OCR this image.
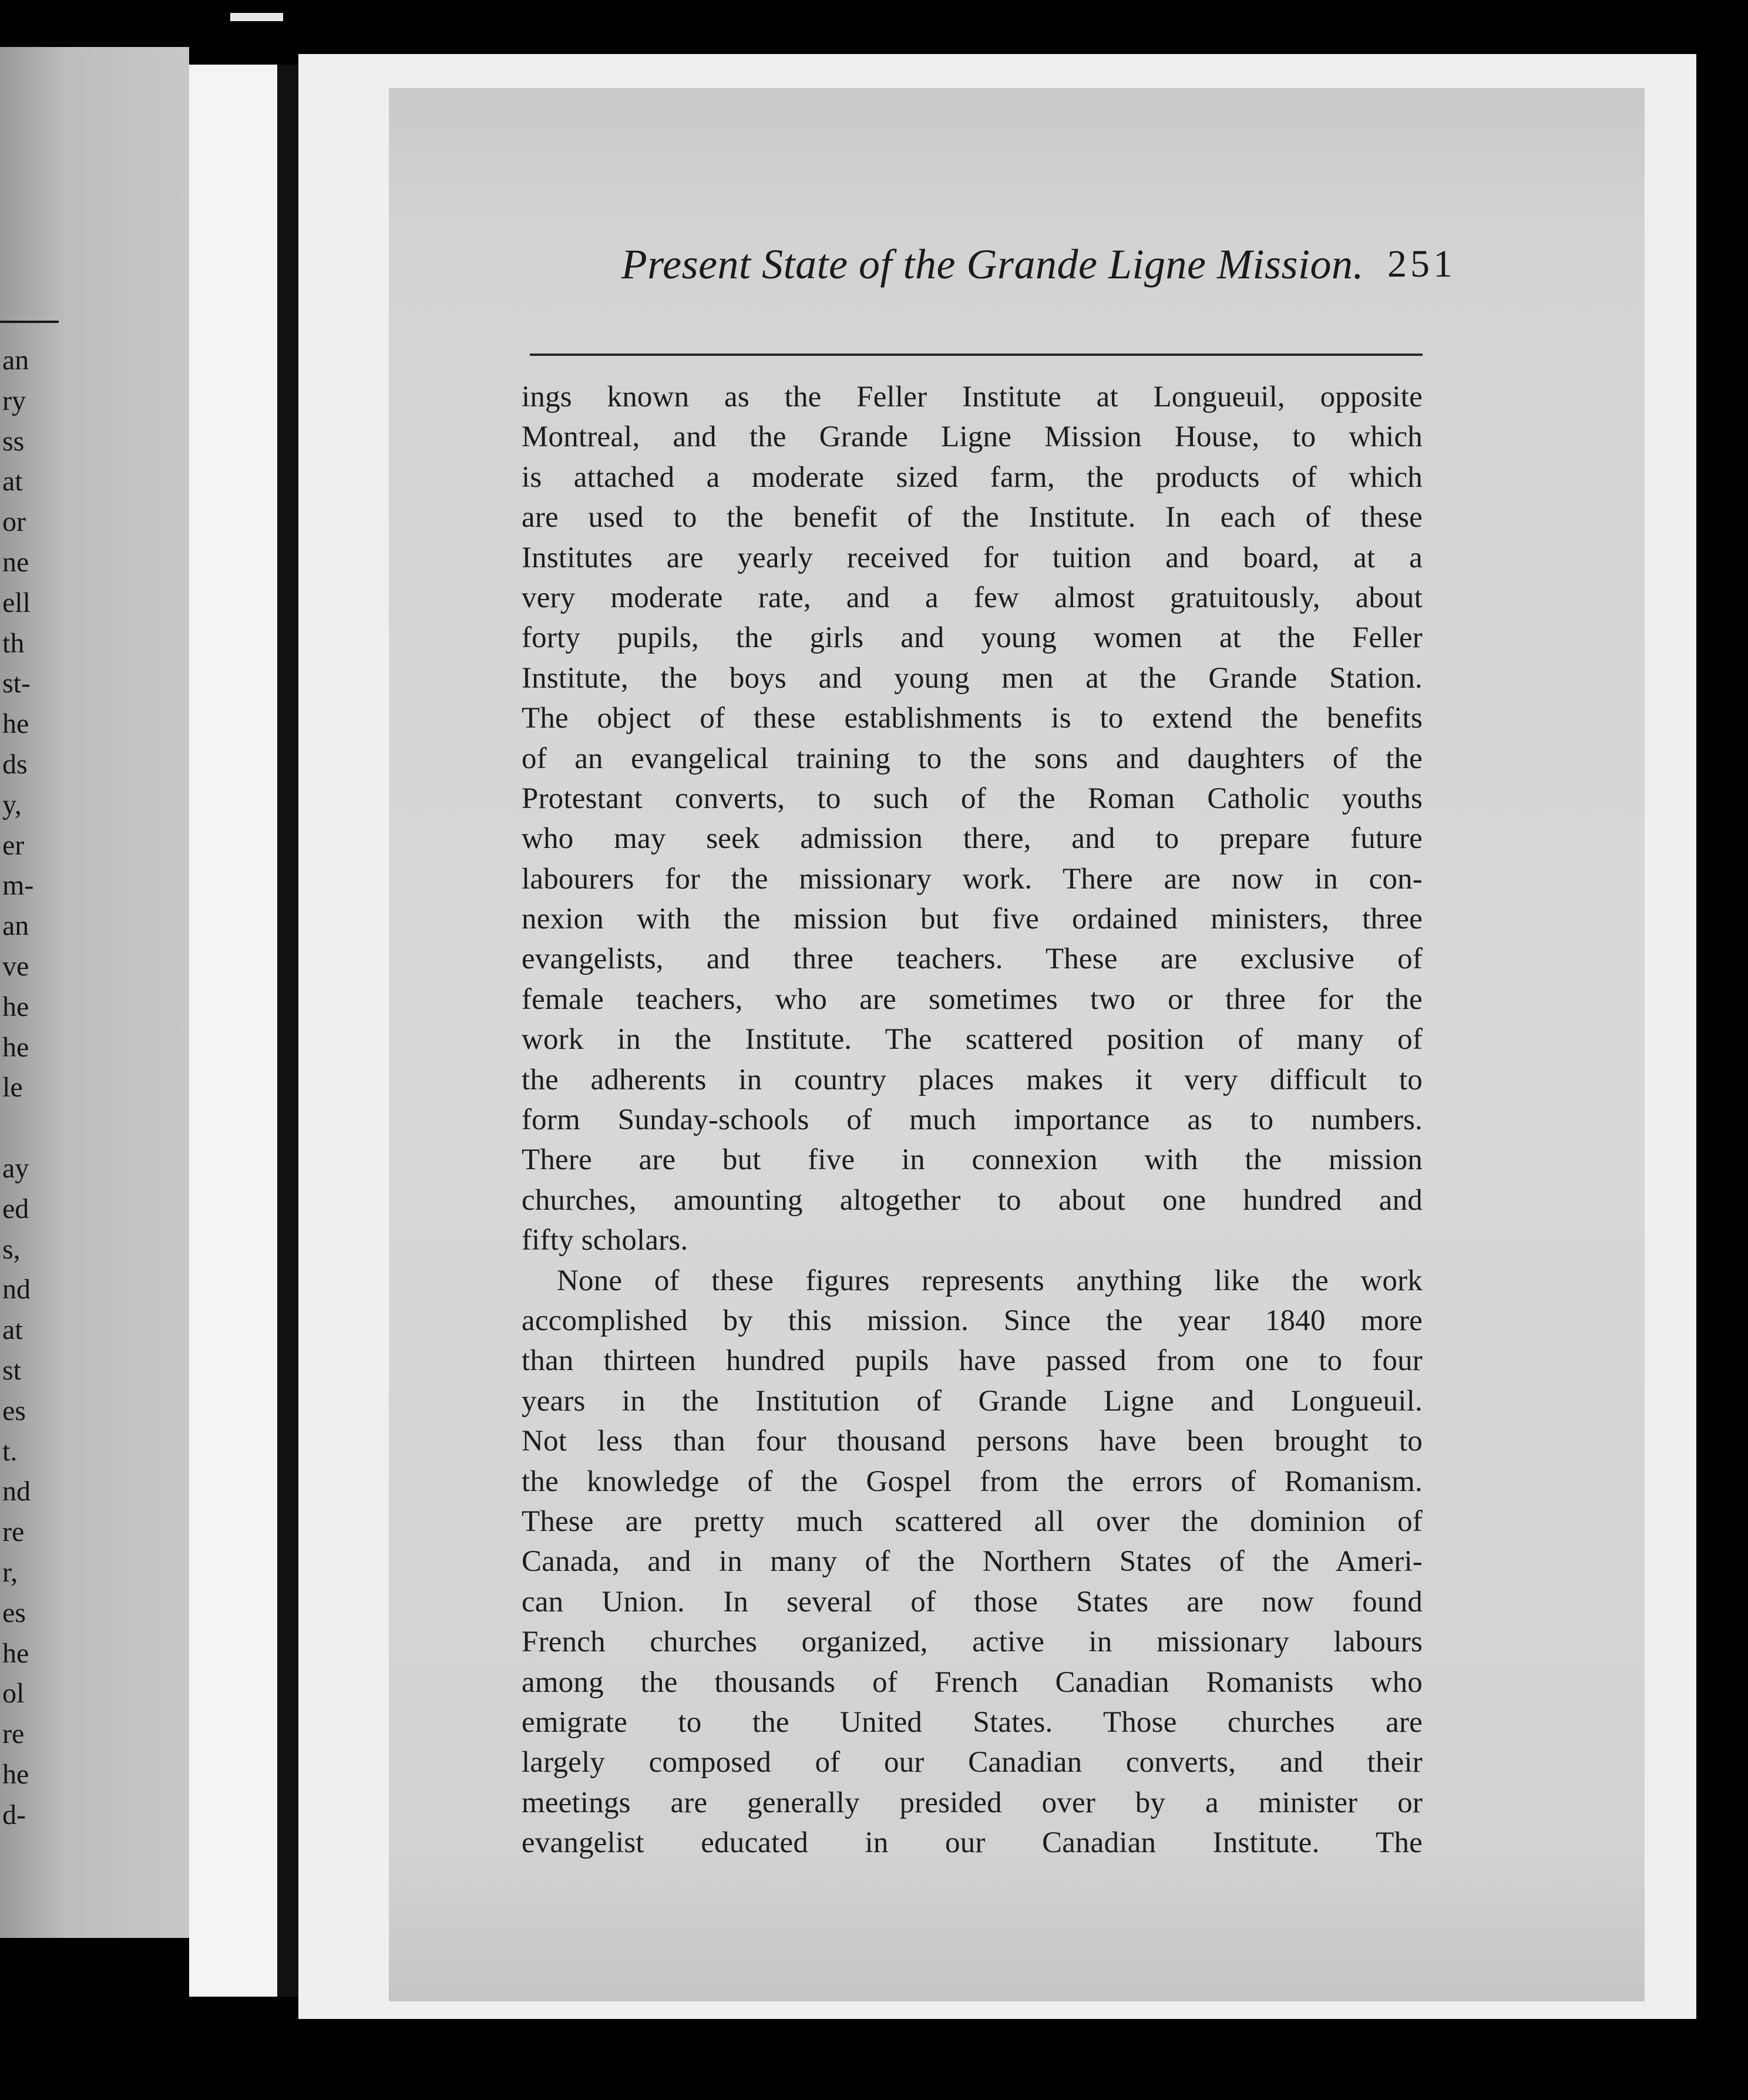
an
ry
ss
at
or
ne
ell
th
st-
he
ds
y,
er
m-
an
ve
he
he
le
ay
ed
s,
nd
at
st
es
t.
nd
re
r,
es
he
ol
re
he
d-
Present State of the Grande Ligne Mission. 251
ings known as the Feller Institute at Longueuil, opposite
Montreal, and the Grande Ligne Mission House, to which
is attached a moderate sized farm, the products of which
are used to the benefit of the Institute. In each of these
Institutes are yearly received for tuition and board, at a
very moderate rate, and a few almost gratuitously, about
forty pupils, the girls and young women at the Feller
Institute, the boys and young men at the Grande Station.
The object of these establishments is to extend the benefits
of an evangelical training to the sons and daughters of the
Protestant converts, to such of the Roman Catholic youths
who may seek admission there, and to prepare future
labourers for the missionary work. There are now in con-
nexion with the mission but five ordained ministers, three
evangelists, and three teachers. These are exclusive of
female teachers, who are sometimes two or three for the
work in the Institute. The scattered position of many of
the adherents in country places makes it very difficult to
form Sunday-schools of much importance as to numbers.
There are but five in connexion with the mission
churches, amounting altogether to about one hundred and
fifty scholars.
None of these figures represents anything like the work
accomplished by this mission. Since the year 1840 more
than thirteen hundred pupils have passed from one to four
years in the Institution of Grande Ligne and Longueuil.
Not less than four thousand persons have been brought to
the knowledge of the Gospel from the errors of Romanism.
These are pretty much scattered all over the dominion of
Canada, and in many of the Northern States of the Ameri-
can Union. In several of those States are now found
French churches organized, active in missionary labours
among the thousands of French Canadian Romanists who
emigrate to the United States. Those churches are
largely composed of our Canadian converts, and their
meetings are generally presided over by a minister or
evangelist educated in our Canadian Institute. The
